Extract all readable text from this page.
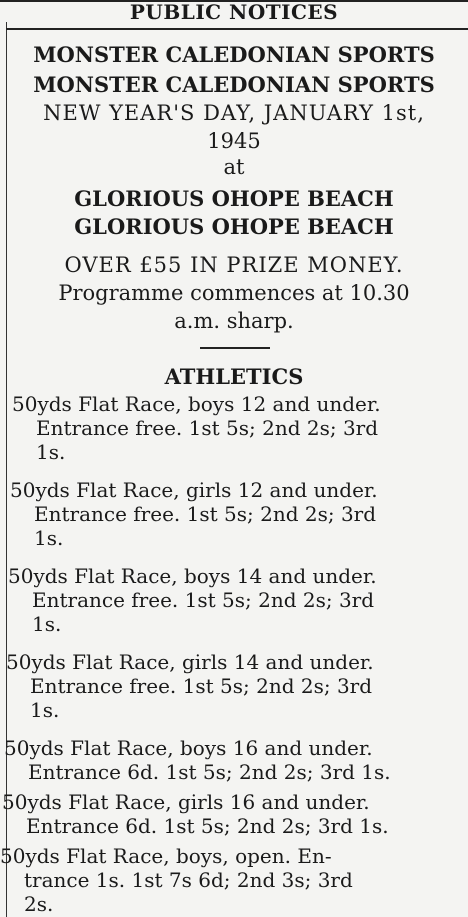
PUBLIC NOTICES
MONSTER CALEDONIAN SPORTS
MONSTER CALEDONIAN SPORTS
NEW YEAR'S DAY, JANUARY 1st,
1945
at
GLORIOUS OHOPE BEACH
GLORIOUS OHOPE BEACH
OVER £55 IN PRIZE MONEY.
Programme commences at 10.30
a.m. sharp.
ATHLETICS
50yds Flat Race, boys 12 and under.
Entrance free. 1st 5s; 2nd 2s; 3rd
1s.
50yds Flat Race, girls 12 and under.
Entrance free. 1st 5s; 2nd 2s; 3rd
1s.
50yds Flat Race, boys 14 and under.
Entrance free. 1st 5s; 2nd 2s; 3rd
1s.
50yds Flat Race, girls 14 and under.
Entrance free. 1st 5s; 2nd 2s; 3rd
1s.
50yds Flat Race, boys 16 and under.
Entrance 6d. 1st 5s; 2nd 2s; 3rd 1s.
50yds Flat Race, girls 16 and under.
Entrance 6d. 1st 5s; 2nd 2s; 3rd 1s.
50yds Flat Race, boys, open. En-
trance 1s. 1st 7s 6d; 2nd 3s; 3rd
2s.
